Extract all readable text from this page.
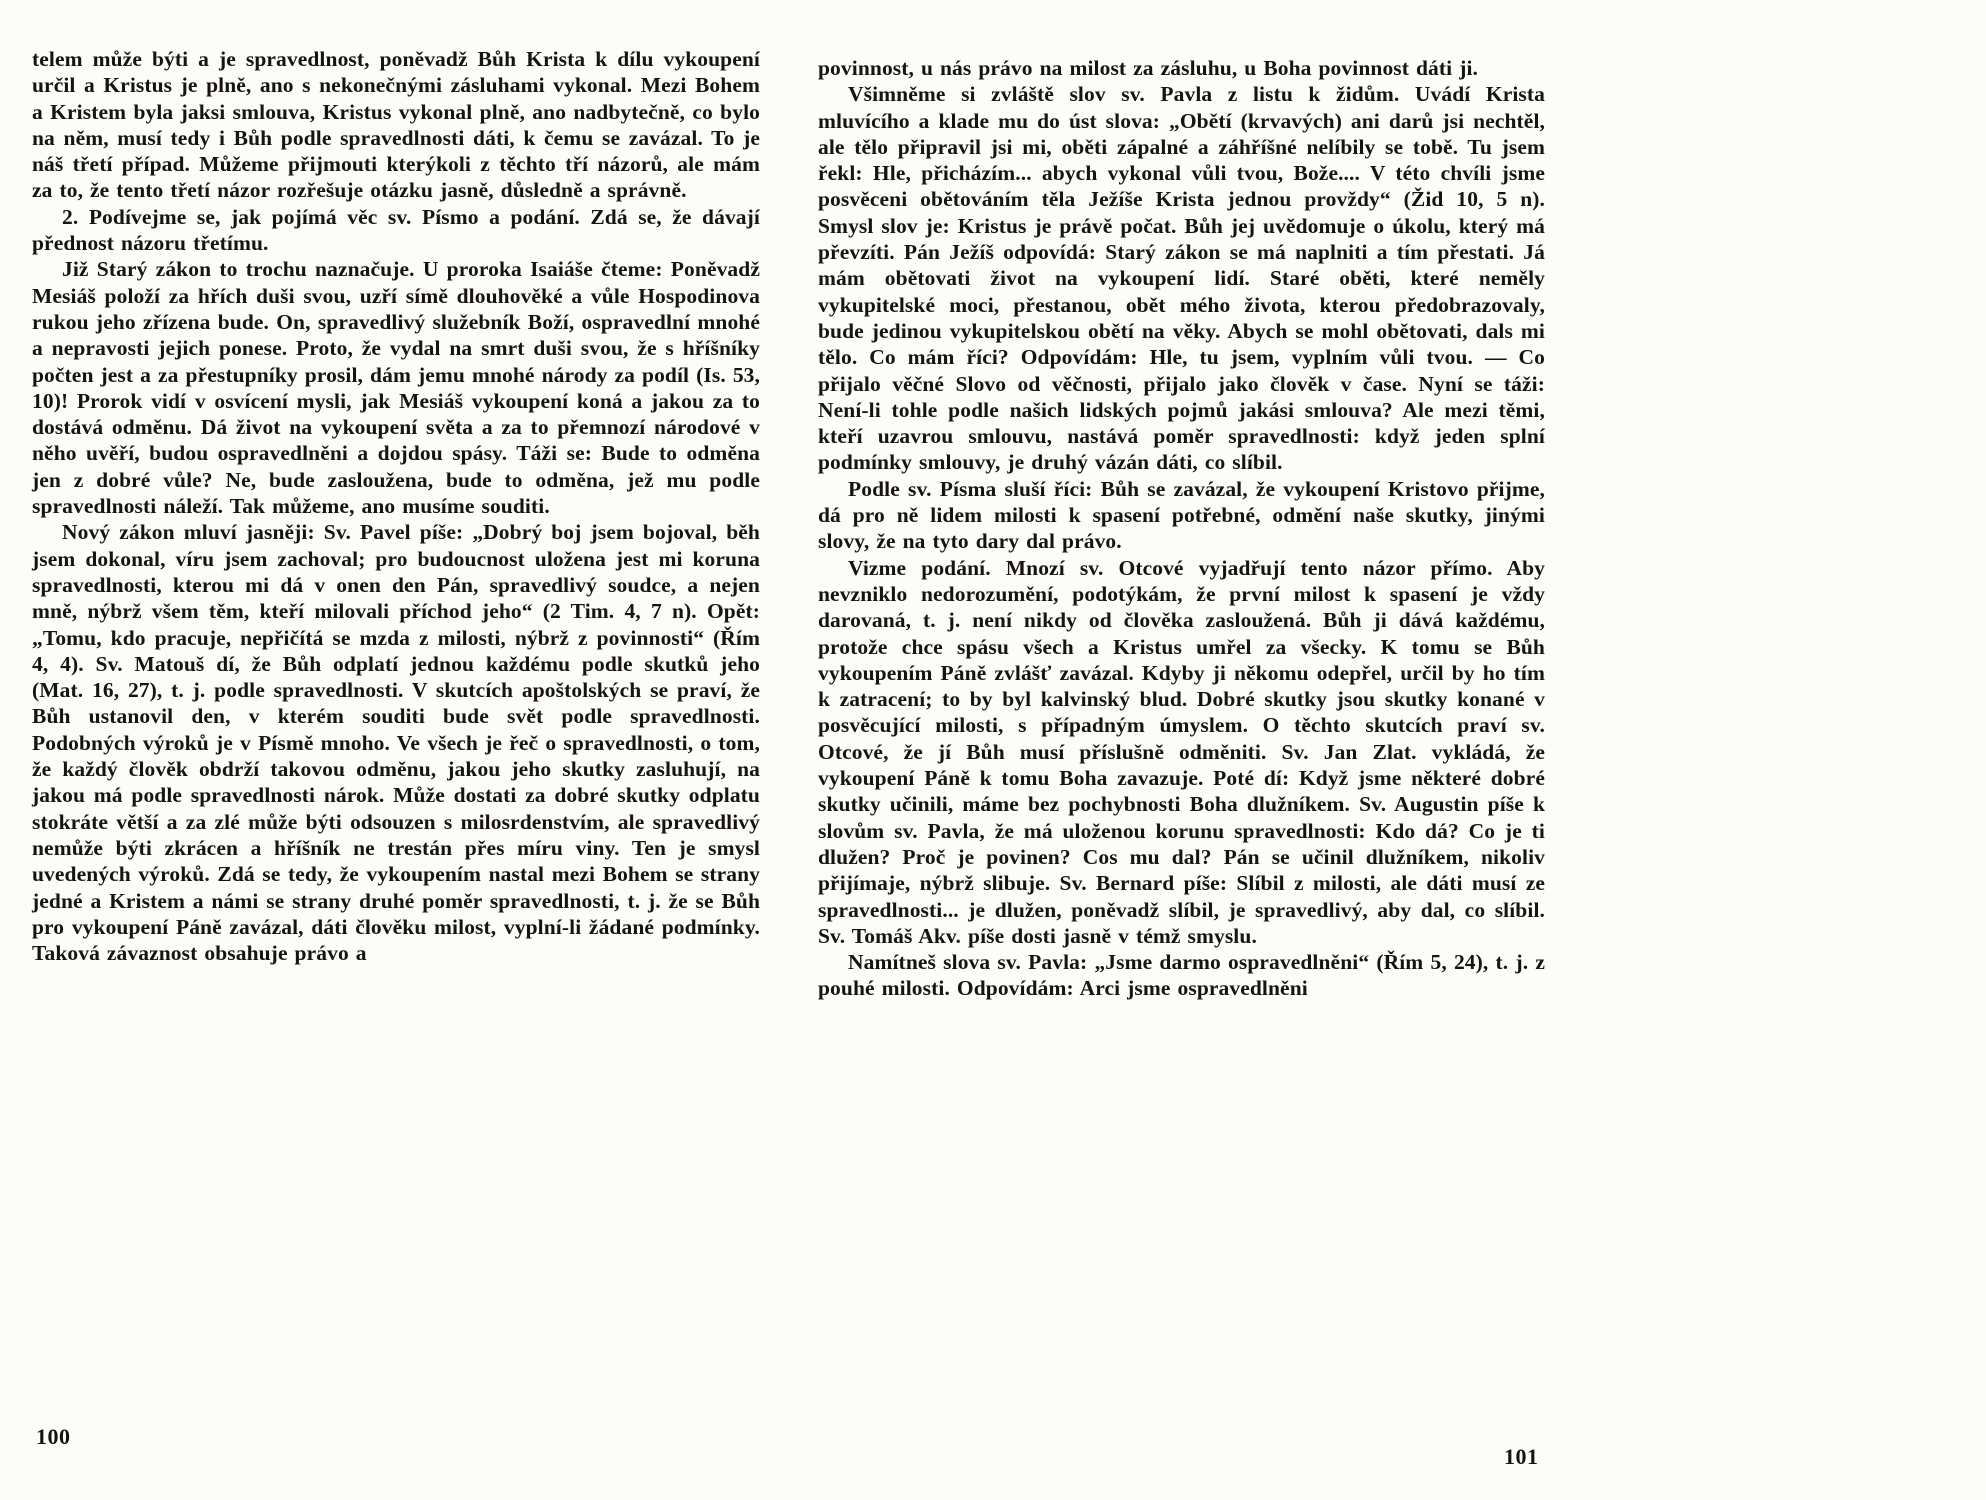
telem může býti a je spravedlnost, poněvadž Bůh Krista k dílu vykoupení určil a Kristus je plně, ano s nekonečnými zásluhami vykonal. Mezi Bohem a Kristem byla jaksi smlouva, Kristus vykonal plně, ano nadbytečně, co bylo na něm, musí tedy i Bůh podle spravedlnosti dáti, k čemu se zavázal. To je náš třetí případ. Můžeme přijmouti kterýkoli z těchto tří názorů, ale mám za to, že tento třetí názor rozřešuje otázku jasně, důsledně a správně.

2. Podívejme se, jak pojímá věc sv. Písmo a podání. Zdá se, že dávají přednost názoru třetímu.

Již Starý zákon to trochu naznačuje. U proroka Isaiáše čteme: Poněvadž Mesiáš položí za hřích duši svou, uzří símě dlouhověké a vůle Hospodinova rukou jeho zřízena bude. On, spravedlivý služebník Boží, ospravedlní mnohé a nepravosti jejich ponese. Proto, že vydal na smrt duši svou, že s hříšníky počten jest a za přestupníky prosil, dám jemu mnohé národy za podíl (Is. 53, 10)! Prorok vidí v osvícení mysli, jak Mesiáš vykoupení koná a jakou za to dostává odměnu. Dá život na vykoupení světa a za to přemnozí národové v něho uvěří, budou ospravedlněni a dojdou spásy. Táži se: Bude to odměna jen z dobré vůle? Ne, bude zasloužena, bude to odměna, jež mu podle spravedlnosti náleží. Tak můžeme, ano musíme souditi.

Nový zákon mluví jasněji: Sv. Pavel píše: „Dobrý boj jsem bojoval, běh jsem dokonal, víru jsem zachoval; pro budoucnost uložena jest mi koruna spravedlnosti, kterou mi dá v onen den Pán, spravedlivý soudce, a nejen mně, nýbrž všem těm, kteří milovali příchod jeho“ (2 Tim. 4, 7 n). Opět: „Tomu, kdo pracuje, nepřičítá se mzda z milosti, nýbrž z povinnosti“ (Řím 4, 4). Sv. Matouš dí, že Bůh odplatí jednou každému podle skutků jeho (Mat. 16, 27), t. j. podle spravedlnosti. V skutcích apoštolských se praví, že Bůh ustanovil den, v kterém souditi bude svět podle spravedlnosti. Podobných výroků je v Písmě mnoho. Ve všech je řeč o spravedlnosti, o tom, že každý člověk obdrží takovou odměnu, jakou jeho skutky zasluhují, na jakou má podle spravedlnosti nárok. Může dostati za dobré skutky odplatu stokráte větší a za zlé může býti odsouzen s milosrdenstvím, ale spravedlivý nemůže býti zkrácen a hříšník ne trestán přes míru viny. Ten je smysl uvedených výroků. Zdá se tedy, že vykoupením nastal mezi Bohem se strany jedné a Kristem a námi se strany druhé poměr spravedlnosti, t. j. že se Bůh pro vykoupení Páně zavázal, dáti člověku milost, vyplní-li žádané podmínky. Taková závaznost obsahuje právo a

100

povinnost, u nás právo na milost za zásluhu, u Boha povinnost dáti ji.

Všimněme si zvláště slov sv. Pavla z listu k židům. Uvádí Krista mluvícího a klade mu do úst slova: „Obětí (krvavých) ani darů jsi nechtěl, ale tělo připravil jsi mi, oběti zápalné a záhříšné nelíbily se tobě. Tu jsem řekl: Hle, přicházím... abych vykonal vůli tvou, Bože.... V této chvíli jsme posvěceni obětováním těla Ježíše Krista jednou provždy“ (Žid 10, 5 n). Smysl slov je: Kristus je právě počat. Bůh jej uvědomuje o úkolu, který má převzíti. Pán Ježíš odpovídá: Starý zákon se má naplniti a tím přestati. Já mám obětovati život na vykoupení lidí. Staré oběti, které neměly vykupitelské moci, přestanou, obět mého života, kterou předobrazovaly, bude jedinou vykupitelskou obětí na věky. Abych se mohl obětovati, dals mi tělo. Co mám říci? Odpovídám: Hle, tu jsem, vyplním vůli tvou. — Co přijalo věčné Slovo od věčnosti, přijalo jako člověk v čase. Nyní se táži: Není-li tohle podle našich lidských pojmů jakási smlouva? Ale mezi těmi, kteří uzavrou smlouvu, nastává poměr spravedlnosti: když jeden splní podmínky smlouvy, je druhý vázán dáti, co slíbil.

Podle sv. Písma sluší říci: Bůh se zavázal, že vykoupení Kristovo přijme, dá pro ně lidem milosti k spasení potřebné, odmění naše skutky, jinými slovy, že na tyto dary dal právo.

Vizme podání. Mnozí sv. Otcové vyjadřují tento názor přímo. Aby nevzniklo nedorozumění, podotýkám, že první milost k spasení je vždy darovaná, t. j. není nikdy od člověka zasloužená. Bůh ji dává každému, protože chce spásu všech a Kristus umřel za všecky. K tomu se Bůh vykoupením Páně zvlášť zavázal. Kdyby ji někomu odepřel, určil by ho tím k zatracení; to by byl kalvinský blud. Dobré skutky jsou skutky konané v posvěcující milosti, s případným úmyslem. O těchto skutcích praví sv. Otcové, že jí Bůh musí příslušně odměniti. Sv. Jan Zlat. vykládá, že vykoupení Páně k tomu Boha zavazuje. Poté dí: Když jsme některé dobré skutky učinili, máme bez pochybnosti Boha dlužníkem. Sv. Augustin píše k slovům sv. Pavla, že má uloženou korunu spravedlnosti: Kdo dá? Co je ti dlužen? Proč je povinen? Cos mu dal? Pán se učinil dlužníkem, nikoliv přijímaje, nýbrž slibuje. Sv. Bernard píše: Slíbil z milosti, ale dáti musí ze spravedlnosti... je dlužen, poněvadž slíbil, je spravedlivý, aby dal, co slíbil. Sv. Tomáš Akv. píše dosti jasně v témž smyslu.

Namítneš slova sv. Pavla: „Jsme darmo ospravedlněni“ (Řím 5, 24), t. j. z pouhé milosti. Odpovídám: Arci jsme ospravedlněni

101
